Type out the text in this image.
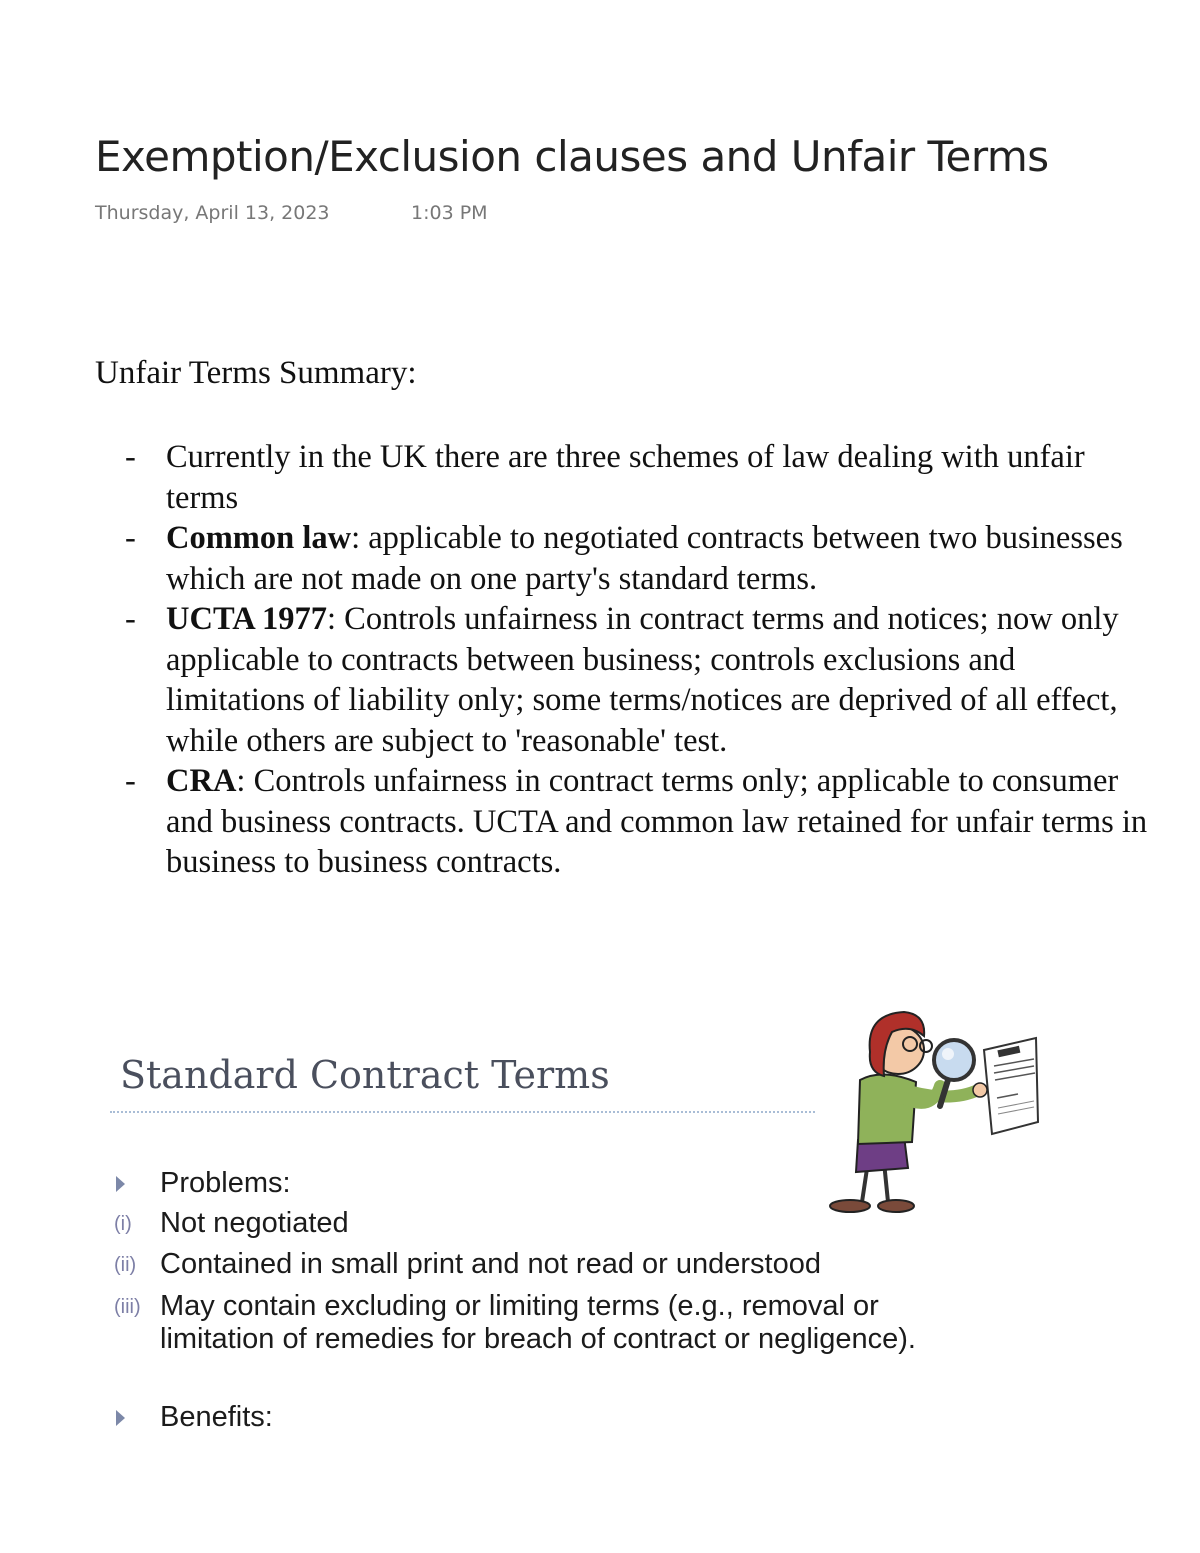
Exemption/Exclusion clauses and Unfair Terms
Thursday, April 13, 2023	1:03 PM
Unfair Terms Summary:
- Currently in the UK there are three schemes of law dealing with unfair terms
- Common law: applicable to negotiated contracts between two businesses which are not made on one party's standard terms.
- UCTA 1977: Controls unfairness in contract terms and notices; now only applicable to contracts between business; controls exclusions and limitations of liability only; some terms/notices are deprived of all effect, while others are subject to 'reasonable' test.
- CRA: Controls unfairness in contract terms only; applicable to consumer and business contracts. UCTA and common law retained for unfair terms in business to business contracts.
Standard Contract Terms
Problems:
(i) Not negotiated
(ii) Contained in small print and not read or understood
(iii) May contain excluding or limiting terms (e.g., removal or
limitation of remedies for breach of contract or negligence).
Benefits:
